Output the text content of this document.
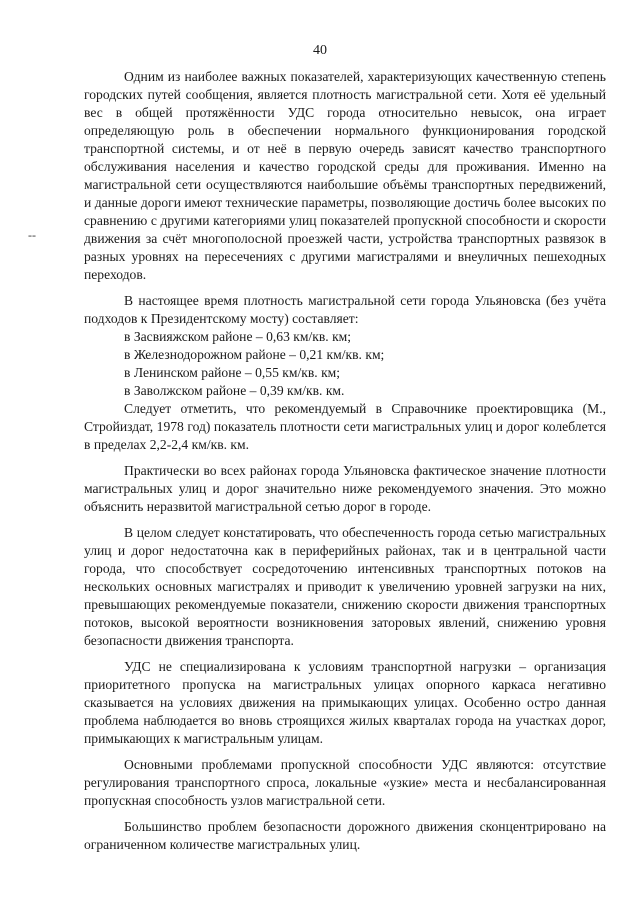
40
--

Одним из наиболее важных показателей, характеризующих качественную степень городских путей сообщения, является плотность магистральной сети. Хотя её удельный вес в общей протяжённости УДС города относительно невысок, она играет определяющую роль в обеспечении нормального функционирования городской транспортной системы, и от неё в первую очередь зависят качество транспортного обслуживания населения и качество городской среды для проживания. Именно на магистральной сети осуществляются наибольшие объёмы транспортных передвижений, и данные дороги имеют технические параметры, позволяющие достичь более высоких по сравнению с другими категориями улиц показателей пропускной способности и скорости движения за счёт многополосной проезжей части, устройства транспортных развязок в разных уровнях на пересечениях с другими магистралями и внеуличных пешеходных переходов.

В настоящее время плотность магистральной сети города Ульяновска (без учёта подходов к Президентскому мосту) составляет:

в Засвияжском районе – 0,63 км/кв. км;

в Железнодорожном районе – 0,21 км/кв. км;

в Ленинском районе – 0,55 км/кв. км;

в Заволжском районе – 0,39 км/кв. км.

Следует отметить, что рекомендуемый в Справочнике проектировщика (М., Стройиздат, 1978 год) показатель плотности сети магистральных улиц и дорог колеблется в пределах 2,2-2,4 км/кв. км.

Практически во всех районах города Ульяновска фактическое значение плотности магистральных улиц и дорог значительно ниже рекомендуемого значения. Это можно объяснить неразвитой магистральной сетью дорог в городе.

В целом следует констатировать, что обеспеченность города сетью магистральных улиц и дорог недостаточна как в периферийных районах, так и в центральной части города, что способствует сосредоточению интенсивных транспортных потоков на нескольких основных магистралях и приводит к увеличению уровней загрузки на них, превышающих рекомендуемые показатели, снижению скорости движения транспортных потоков, высокой вероятности возникновения заторовых явлений, снижению уровня безопасности движения транспорта.

УДС не специализирована к условиям транспортной нагрузки – организация приоритетного пропуска на магистральных улицах опорного каркаса негативно сказывается на условиях движения на примыкающих улицах. Особенно остро данная проблема наблюдается во вновь строящихся жилых кварталах города на участках дорог, примыкающих к магистральным улицам.

Основными проблемами пропускной способности УДС являются: отсутствие регулирования транспортного спроса, локальные «узкие» места и несбалансированная пропускная способность узлов магистральной сети.

Большинство проблем безопасности дорожного движения сконцентрировано на ограниченном количестве магистральных улиц.
